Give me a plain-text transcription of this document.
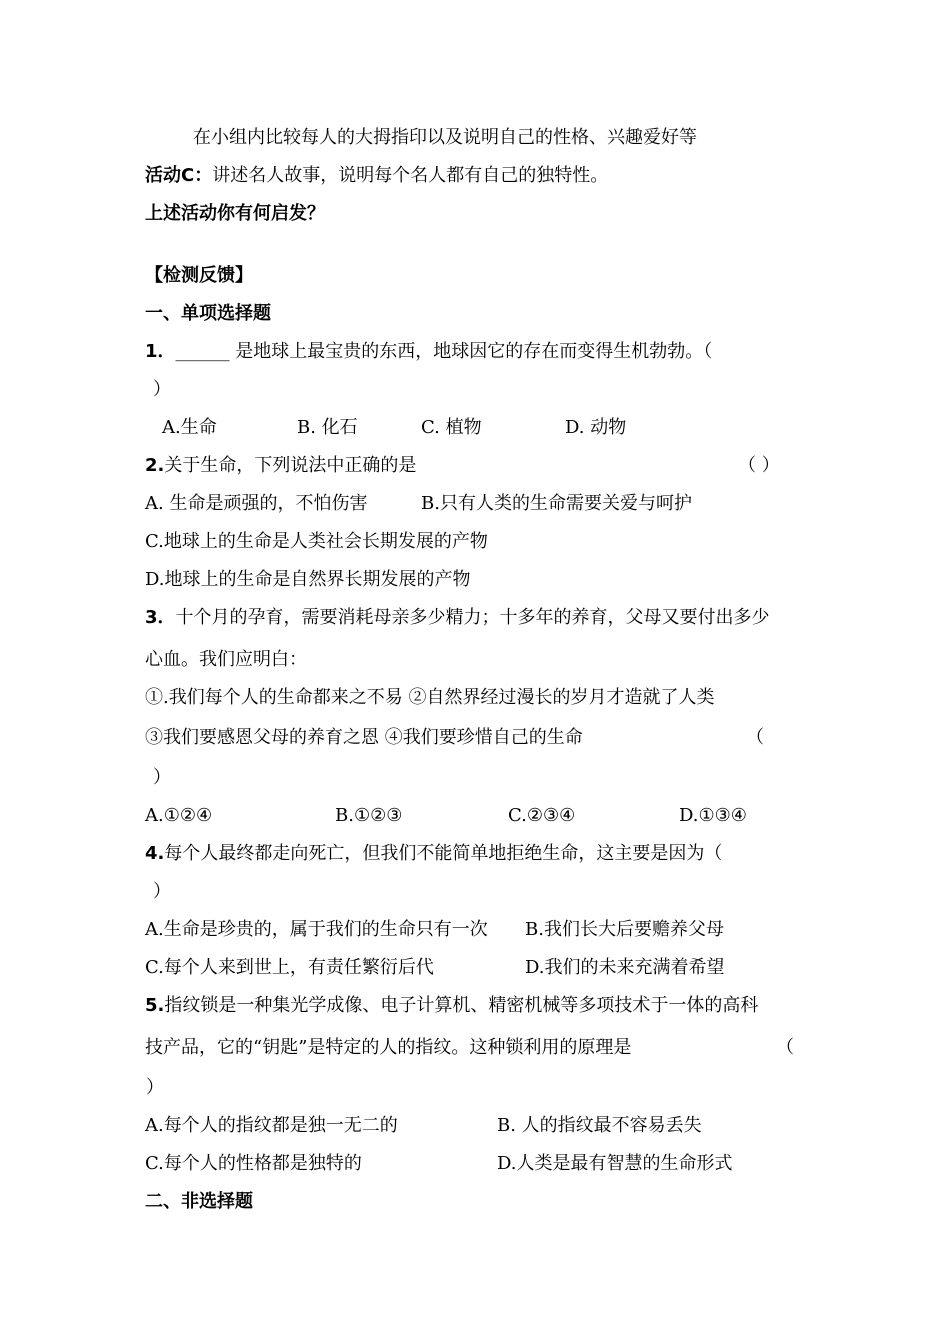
在小组内比较每人的大拇指印以及说明自己的性格、兴趣爱好等
活动C：讲述名人故事，说明每个名人都有自己的独特性。
上述活动你有何启发？
【检测反馈】
一、单项选择题
1．______ 是地球上最宝贵的东西，地球因它的存在而变得生机勃勃。（
）
A.生命	B. 化石	C. 植物	D. 动物
2.关于生命，下列说法中正确的是	（ ）
A. 生命是顽强的，不怕伤害	B.只有人类的生命需要关爱与呵护
C.地球上的生命是人类社会长期发展的产物
D.地球上的生命是自然界长期发展的产物
3．十个月的孕育，需要消耗母亲多少精力；十多年的养育，父母又要付出多少
心血。我们应明白：
①.我们每个人的生命都来之不易 ②自然界经过漫长的岁月才造就了人类
③我们要感恩父母的养育之恩 ④我们要珍惜自己的生命	（
）
A.①②④	B.①②③	C.②③④	D.①③④
4.每个人最终都走向死亡，但我们不能简单地拒绝生命，这主要是因为（
）
A.生命是珍贵的，属于我们的生命只有一次 B.我们长大后要赡养父母
C.每个人来到世上，有责任繁衍后代	D.我们的未来充满着希望
5.指纹锁是一种集光学成像、电子计算机、精密机械等多项技术于一体的高科
技产品，它的“钥匙”是特定的人的指纹。这种锁利用的原理是	（
）
A.每个人的指纹都是独一无二的	B. 人的指纹最不容易丢失
C.每个人的性格都是独特的	D.人类是最有智慧的生命形式
二、非选择题
